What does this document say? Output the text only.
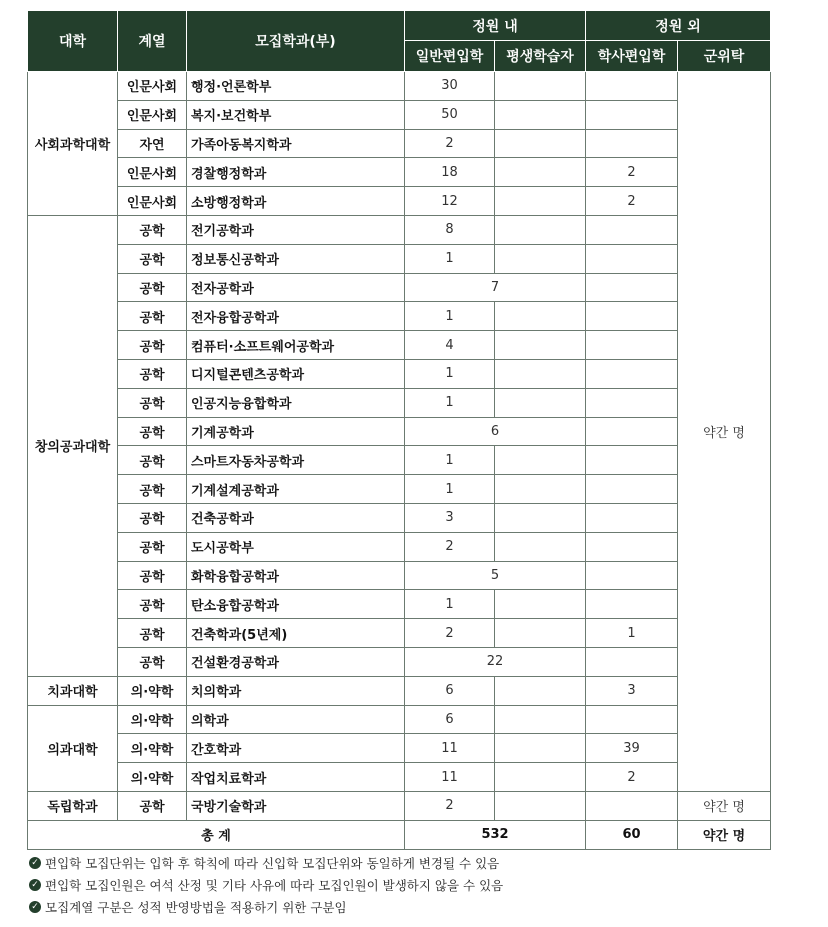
대학	계열	모집학과(부)	정원 내		정원 외	
			일반편입학	평생학습자	학사편입학	군위탁
사회과학대학	인문사회	행정·언론학부	30			약간 명
	인문사회	복지·보건학부	50			
	자연	가족아동복지학과	2			
	인문사회	경찰행정학과	18		2	
	인문사회	소방행정학과	12		2	
창의공과대학	공학	전기공학과	8			
	공학	정보통신공학과	1			
	공학	전자공학과	7			
	공학	전자융합공학과	1			
	공학	컴퓨터·소프트웨어공학과	4			
	공학	디지털콘텐츠공학과	1			
	공학	인공지능융합학과	1			
	공학	기계공학과	6			
	공학	스마트자동차공학과	1			
	공학	기계설계공학과	1			
	공학	건축공학과	3			
	공학	도시공학부	2			
	공학	화학융합공학과	5			
	공학	탄소융합공학과	1			
	공학	건축학과(5년제)	2		1	
	공학	건설환경공학과	22			
치과대학	의·약학	치의학과	6		3	
의과대학	의·약학	의학과	6			
	의·약학	간호학과	11		39	
	의·약학	작업치료학과	11		2	
독립학과	공학	국방기술학과	2			약간 명
총 계			532		60	약간 명
✓ 편입학 모집단위는 입학 후 학칙에 따라 신입학 모집단위와 동일하게 변경될 수 있음
✓ 편입학 모집인원은 여석 산정 및 기타 사유에 따라 모집인원이 발생하지 않을 수 있음
✓ 모집계열 구분은 성적 반영방법을 적용하기 위한 구분임
